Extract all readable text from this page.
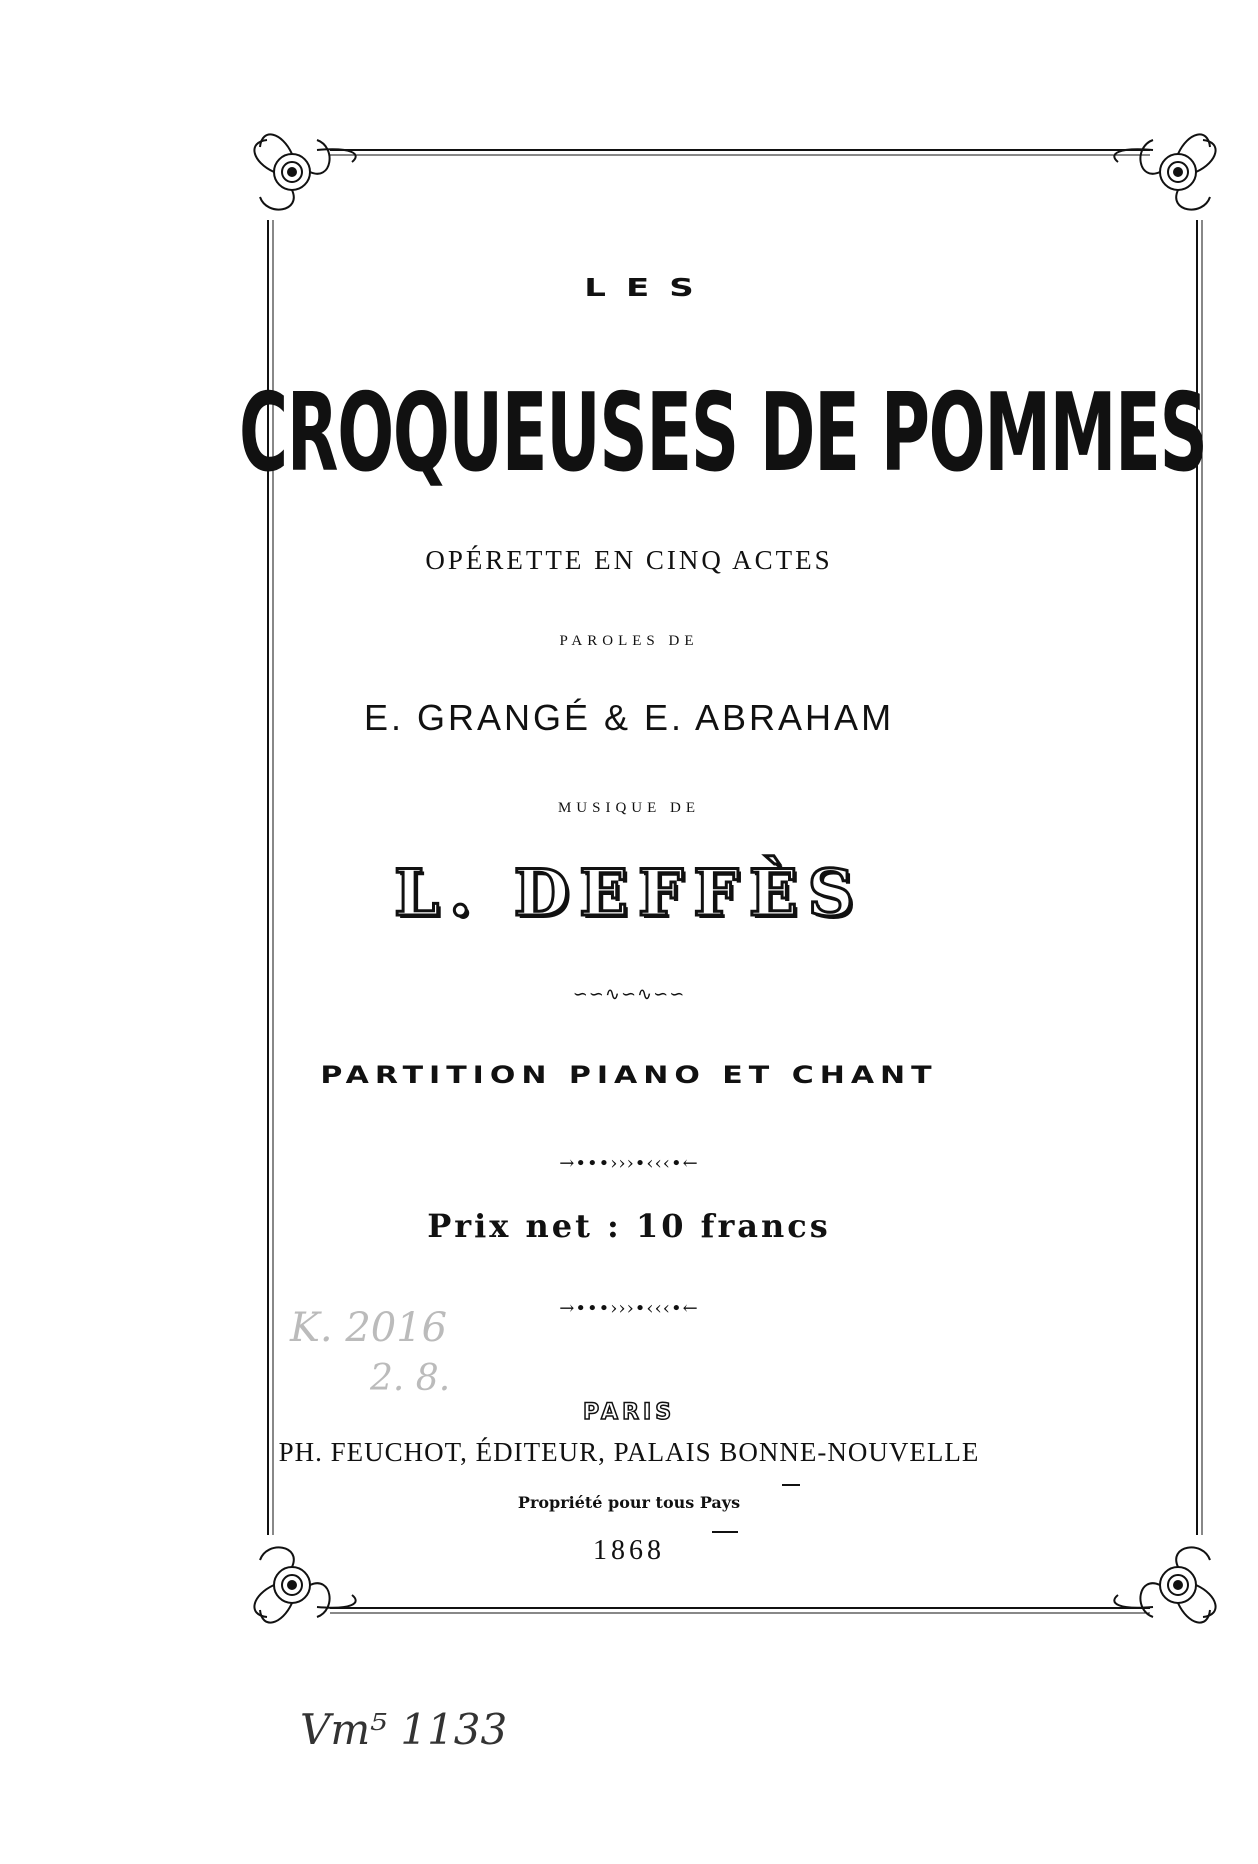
LES
CROQUEUSES DE POMMES
OPÉRETTE EN CINQ ACTES
PAROLES DE
E. GRANGÉ & E. ABRAHAM
MUSIQUE DE
L. DEFFÈS
∽∽∿∽∿∽∽
PARTITION PIANO ET CHANT
→•••›››•‹‹‹•←
Prix net : 10 francs
→•••›››•‹‹‹•←
PARIS
PH. FEUCHOT, ÉDITEUR, PALAIS BONNE-NOUVELLE
Propriété pour tous Pays
1868
K. 2016
2. 8.
Vm⁵ 1133
